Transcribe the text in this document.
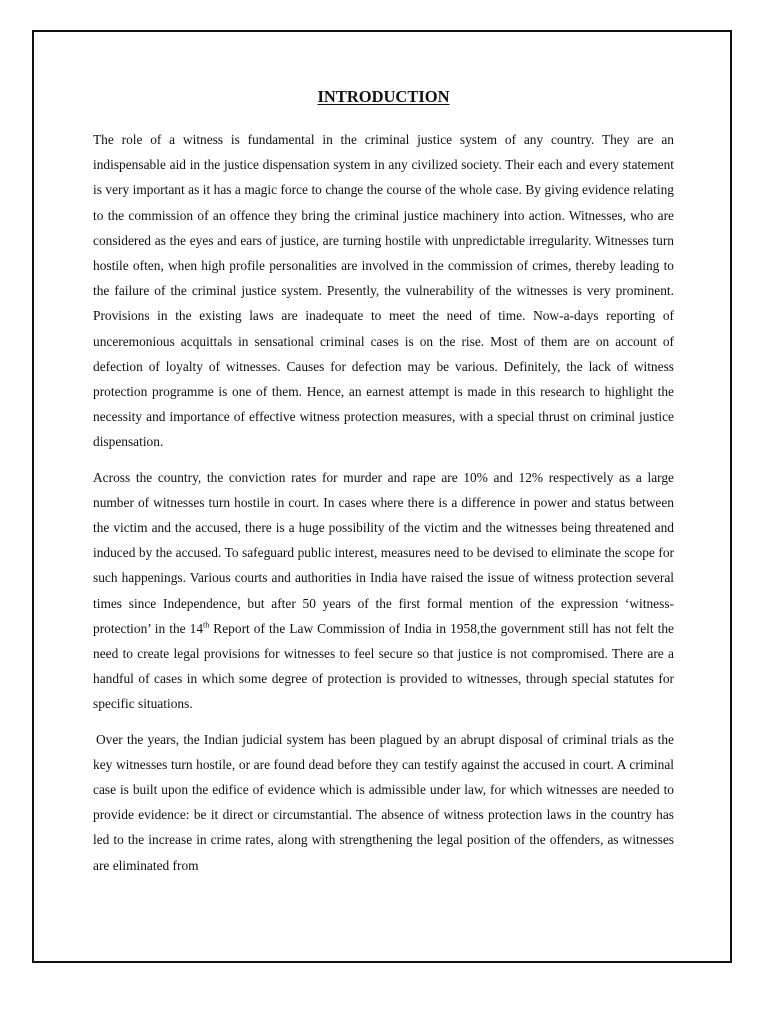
INTRODUCTION

The role of a witness is fundamental in the criminal justice system of any country. They are an indispensable aid in the justice dispensation system in any civilized society. Their each and every statement is very important as it has a magic force to change the course of the whole case. By giving evidence relating to the commission of an offence they bring the criminal justice machinery into action. Witnesses, who are considered as the eyes and ears of justice, are turning hostile with unpredictable irregularity. Witnesses turn hostile often, when high profile personalities are involved in the commission of crimes, thereby leading to the failure of the criminal justice system. Presently, the vulnerability of the witnesses is very prominent. Provisions in the existing laws are inadequate to meet the need of time. Now-a-days reporting of unceremonious acquittals in sensational criminal cases is on the rise. Most of them are on account of defection of loyalty of witnesses. Causes for defection may be various. Definitely, the lack of witness protection programme is one of them. Hence, an earnest attempt is made in this research to highlight the necessity and importance of effective witness protection measures, with a special thrust on criminal justice dispensation.

Across the country, the conviction rates for murder and rape are 10% and 12% respectively as a large number of witnesses turn hostile in court. In cases where there is a difference in power and status between the victim and the accused, there is a huge possibility of the victim and the witnesses being threatened and induced by the accused. To safeguard public interest, measures need to be devised to eliminate the scope for such happenings. Various courts and authorities in India have raised the issue of witness protection several times since Independence, but after 50 years of the first formal mention of the expression ‘witness-protection’ in the 14th Report of the Law Commission of India in 1958,the government still has not felt the need to create legal provisions for witnesses to feel secure so that justice is not compromised. There are a handful of cases in which some degree of protection is provided to witnesses, through special statutes for specific situations.

Over the years, the Indian judicial system has been plagued by an abrupt disposal of criminal trials as the key witnesses turn hostile, or are found dead before they can testify against the accused in court. A criminal case is built upon the edifice of evidence which is admissible under law, for which witnesses are needed to provide evidence: be it direct or circumstantial. The absence of witness protection laws in the country has led to the increase in crime rates, along with strengthening the legal position of the offenders, as witnesses are eliminated from
